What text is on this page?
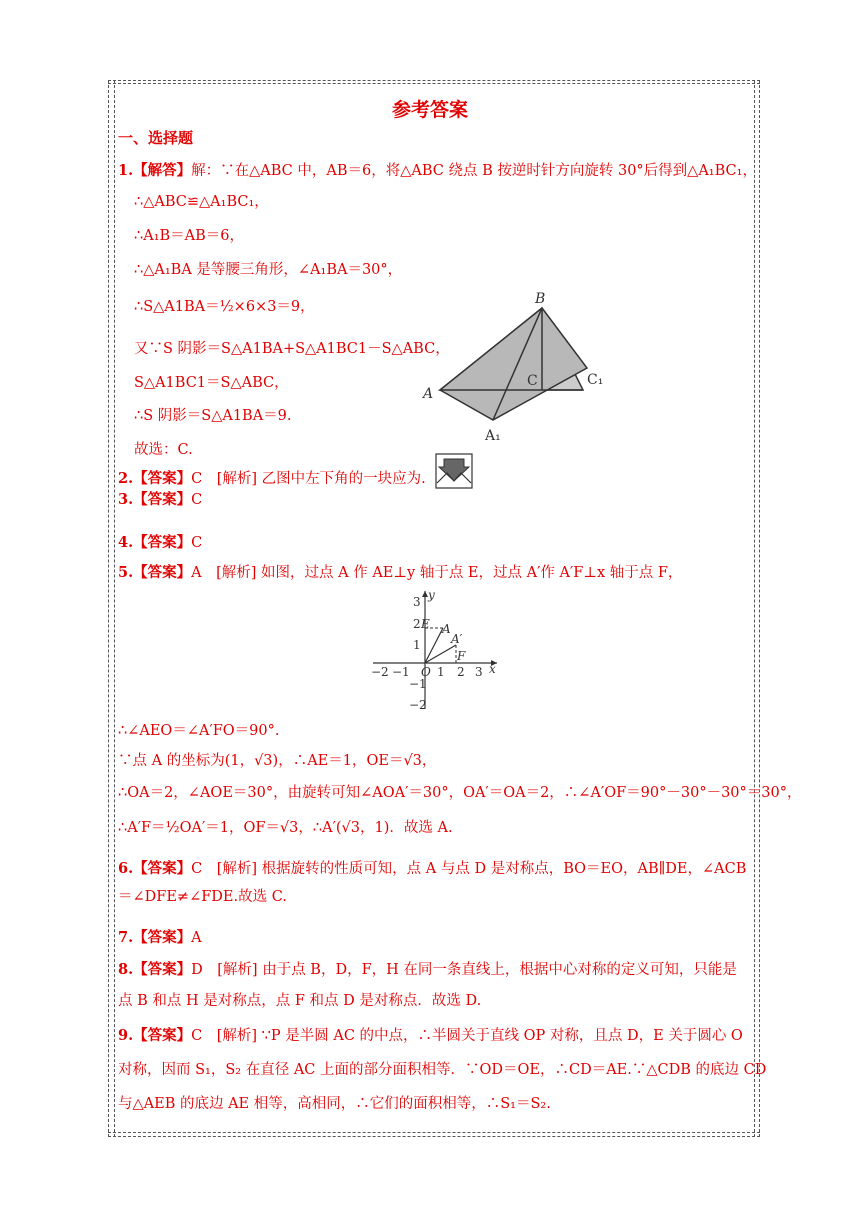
参考答案
一、选择题
1.【解答】解：∵在△ABC 中，AB＝6，将△ABC 绕点 B 按逆时针方向旋转 30°后得到△A₁BC₁，
∴△ABC≌△A₁BC₁，
∴A₁B＝AB＝6，
∴△A₁BA 是等腰三角形，∠A₁BA＝30°，
∴S△A1BA＝½×6×3＝9，
又∵S 阴影＝S△A1BA+S△A1BC1－S△ABC，
S△A1BC1＝S△ABC，
∴S 阴影＝S△A1BA＝9.
故选：C.
B
C	C₁
A
A₁
2.【答案】C　[解析] 乙图中左下角的一块应为.
3.【答案】C
4.【答案】C
5.【答案】A　[解析] 如图，过点 A 作 AE⊥y 轴于点 E，过点 A′作 A′F⊥x 轴于点 F，
y
x
E A
A′
F
O
−2 −1 1 2 3
3
2
1
−1
−2
∴∠AEO＝∠A′FO＝90°.
∵点 A 的坐标为(1，√3)，∴AE＝1，OE＝√3，
∴OA＝2，∠AOE＝30°，由旋转可知∠AOA′＝30°，OA′＝OA＝2，∴∠A′OF＝90°－30°－30°＝30°，
∴A′F＝½OA′＝1，OF＝√3，∴A′(√3，1)．故选 A.
6.【答案】C　[解析] 根据旋转的性质可知，点 A 与点 D 是对称点，BO＝EO，AB∥DE，∠ACB
＝∠DFE≠∠FDE.故选 C.
7.【答案】A
8.【答案】D　[解析] 由于点 B，D，F，H 在同一条直线上，根据中心对称的定义可知，只能是
点 B 和点 H 是对称点，点 F 和点 D 是对称点．故选 D.
9.【答案】C　[解析] ∵P 是半圆 AC 的中点，∴半圆关于直线 OP 对称，且点 D，E 关于圆心 O
对称，因而 S₁，S₂ 在直径 AC 上面的部分面积相等．∵OD＝OE，∴CD＝AE.∵△CDB 的底边 CD
与△AEB 的底边 AE 相等，高相同，∴它们的面积相等，∴S₁＝S₂.
